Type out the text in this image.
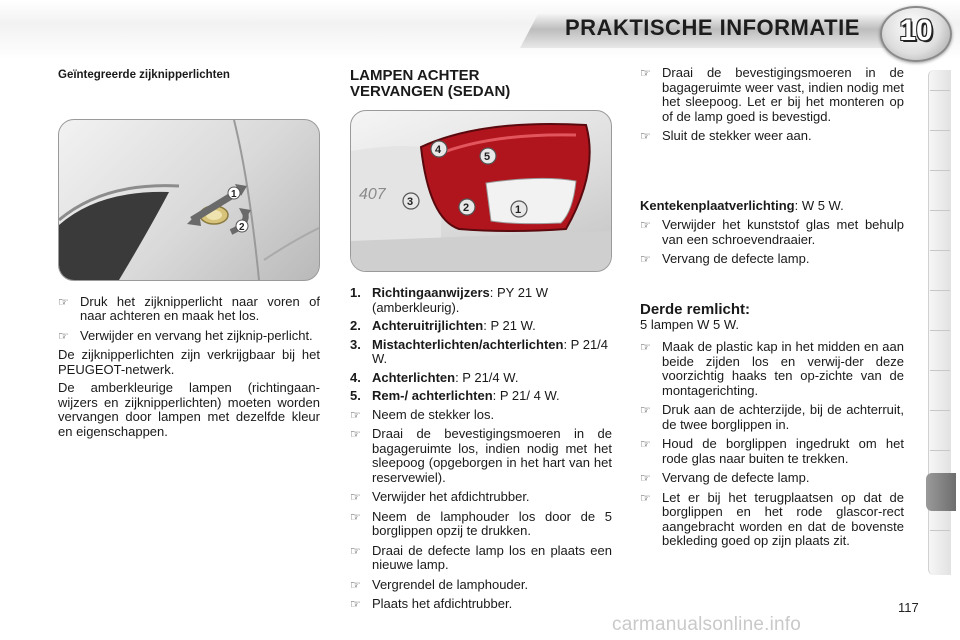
PRAKTISCHE INFORMATIE	10
Geïntegreerde zijknipperlichten
1
2
☞ Druk het zijknipperlicht naar voren of naar achteren en maak het los.
☞ Verwijder en vervang het zijknip-perlicht.

De zijknipperlichten zijn verkrijgbaar bij het PEUGEOT-netwerk.

De amberkleurige lampen (richtingaan-wijzers en zijknipperlichten) moeten worden vervangen door lampen met dezelfde kleur en eigenschappen.

LAMPEN ACHTER
VERVANGEN (SEDAN)
407
4
5
3	2	1
1. Richtingaanwijzers: PY 21 W (amberkleurig).
2. Achteruitrijlichten: P 21 W.
3. Mistachterlichten/achterlichten: P 21/4 W.
4. Achterlichten: P 21/4 W.
5. Rem-/ achterlichten: P 21/ 4 W.
☞ Neem de stekker los.
☞ Draai de bevestigingsmoeren in de bagageruimte los, indien nodig met het sleepoog (opgeborgen in het hart van het reservewiel).
☞ Verwijder het afdichtrubber.
☞ Neem de lamphouder los door de 5 borglippen opzij te drukken.
☞ Draai de defecte lamp los en plaats een nieuwe lamp.
☞ Vergrendel de lamphouder.
☞ Plaats het afdichtrubber.
☞ Draai de bevestigingsmoeren in de bagageruimte weer vast, indien nodig met het sleepoog. Let er bij het monteren op of de lamp goed is bevestigd.
☞ Sluit de stekker weer aan.

Kentekenplaatverlichting: W 5 W.

☞ Verwijder het kunststof glas met behulp van een schroevendraaier.
☞ Vervang de defecte lamp.
Derde remlicht:

5 lampen W 5 W.

☞ Maak de plastic kap in het midden en aan beide zijden los en verwij-der deze voorzichtig haaks ten op-zichte van de montagerichting.
☞ Druk aan de achterzijde, bij de achterruit, de twee borglippen in.
☞ Houd de borglippen ingedrukt om het rode glas naar buiten te trekken.
☞ Vervang de defecte lamp.
☞ Let er bij het terugplaatsen op dat de borglippen en het rode glascor-rect aangebracht worden en dat de bovenste bekleding goed op zijn plaats zit.
117
carmanualsonline.info
